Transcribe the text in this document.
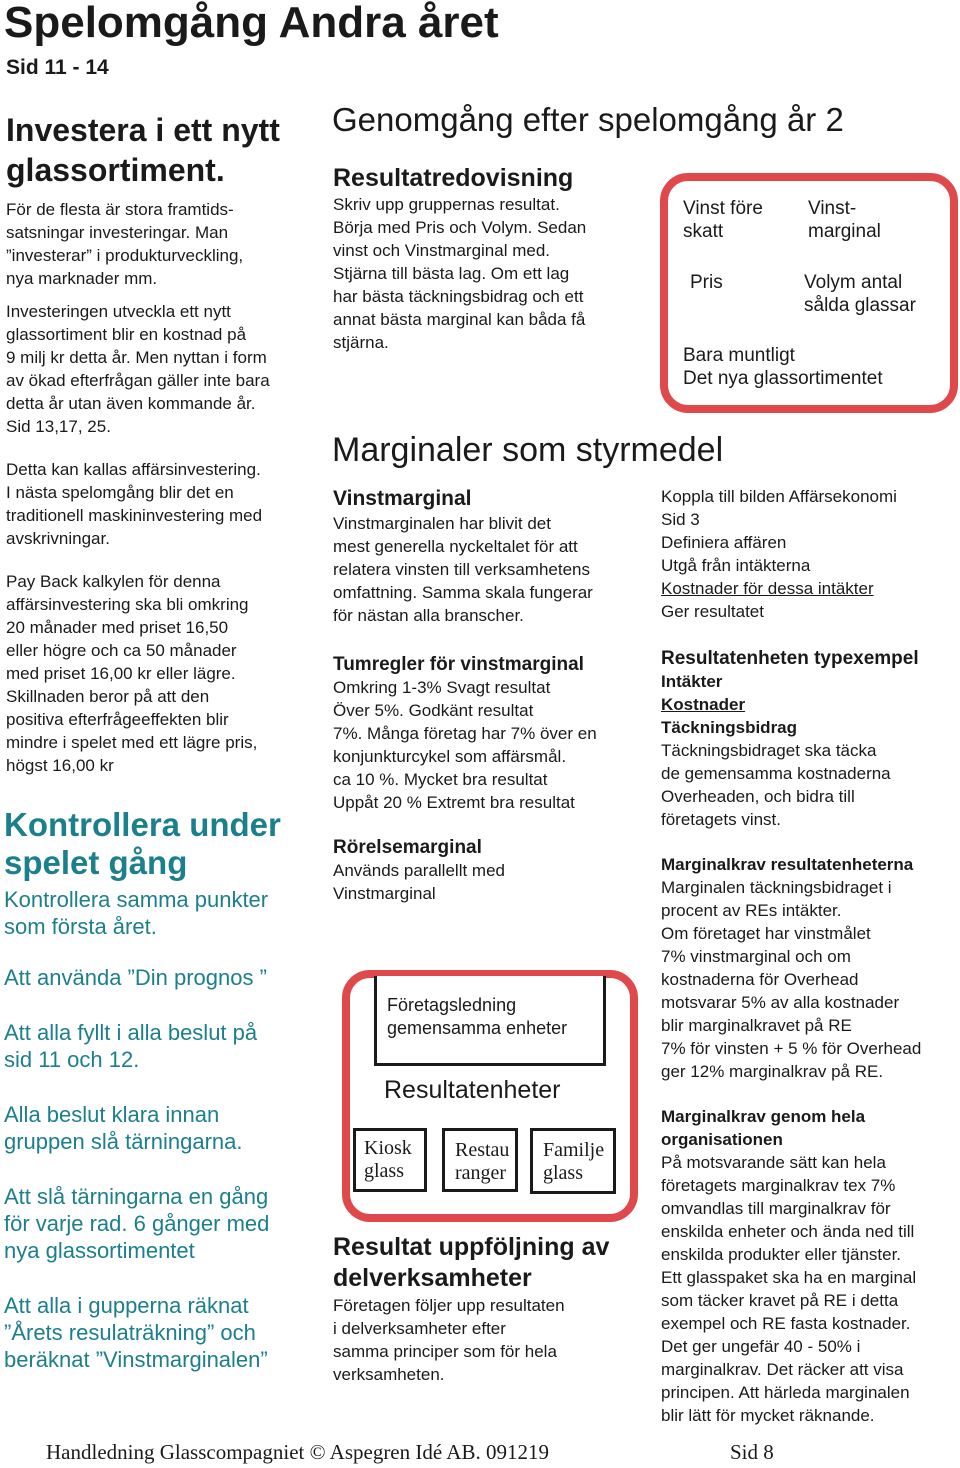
Spelomgång Andra året
Sid 11 - 14
Investera i ett nytt
glassortiment.
För de flesta är stora framtids-
satsningar investeringar. Man
”investerar” i produkturveckling,
nya marknader mm.
Investeringen utveckla ett nytt
glassortiment blir en kostnad på
9 milj kr detta år. Men nyttan i form
av ökad efterfrågan gäller inte bara
detta år utan även kommande år.
Sid 13,17, 25.
Detta kan kallas affärsinvestering.
I nästa spelomgång blir det en
traditionell maskininvestering med
avskrivningar.
Pay Back kalkylen för denna
affärsinvestering ska bli omkring
20 månader med priset 16,50
eller högre och ca 50 månader
med priset 16,00 kr eller lägre.
Skillnaden beror på att den
positiva efterfrågeeffekten blir
mindre i spelet med ett lägre pris,
högst 16,00 kr
Kontrollera under
spelet gång
Kontrollera samma punkter
som första året.
Att använda ”Din prognos ”
Att alla fyllt i alla beslut på
sid 11 och 12.
Alla beslut klara innan
gruppen slå tärningarna.
Att slå tärningarna en gång
för varje rad. 6 gånger med
nya glassortimentet
Att alla i gupperna räknat
”Årets resulaträkning” och
beräknat ”Vinstmarginalen”
Genomgång efter spelomgång år 2
Resultatredovisning
Skriv upp gruppernas resultat.
Börja med Pris och Volym. Sedan
vinst och Vinstmarginal med.
Stjärna till bästa lag. Om ett lag
har bästa täckningsbidrag och ett
annat bästa marginal kan båda få
stjärna.
Vinst före
skatt
Vinst-
marginal
Pris	Volym antal
sålda glassar
Bara muntligt
Det nya glassortimentet
Marginaler som styrmedel
Vinstmarginal
Vinstmarginalen har blivit det
mest generella nyckeltalet för att
relatera vinsten till verksamhetens
omfattning. Samma skala fungerar
för nästan alla branscher.
Tumregler för vinstmarginal
Omkring 1-3% Svagt resultat
Över 5%. Godkänt resultat
7%. Många företag har 7% över en
konjunkturcykel som affärsmål.
ca 10 %. Mycket bra resultat
Uppåt 20 % Extremt bra resultat
Rörelsemarginal
Används parallellt med
Vinstmarginal
Företagsledning
gemensamma enheter
Resultatenheter
Kiosk
glass
Restau
ranger
Familje
glass
Resultat uppföljning av
delverksamheter
Företagen följer upp resultaten
i delverksamheter efter
samma principer som för hela
verksamheten.
Koppla till bilden Affärsekonomi
Sid 3
Definiera affären
Utgå från intäkterna
Kostnader för dessa intäkter
Ger resultatet
Resultatenheten typexempel
Intäkter
Kostnader
Täckningsbidrag
Täckningsbidraget ska täcka
de gemensamma kostnaderna
Overheaden, och bidra till
företagets vinst.
Marginalkrav resultatenheterna
Marginalen täckningsbidraget i
procent av REs intäkter.
Om företaget har vinstmålet
7% vinstmarginal och om
kostnaderna för Overhead
motsvarar 5% av alla kostnader
blir marginalkravet på RE
7% för vinsten + 5 % för Overhead
ger 12% marginalkrav på RE.
Marginalkrav genom hela
organisationen
På motsvarande sätt kan hela
företagets marginalkrav tex 7%
omvandlas till marginalkrav för
enskilda enheter och ända ned till
enskilda produkter eller tjänster.
Ett glasspaket ska ha en marginal
som täcker kravet på RE i detta
exempel och RE fasta kostnader.
Det ger ungefär 40 - 50% i
marginalkrav. Det räcker att visa
principen. Att härleda marginalen
blir lätt för mycket räknande.
Handledning Glasscompagniet © Aspegren Idé AB. 091219	Sid 8
